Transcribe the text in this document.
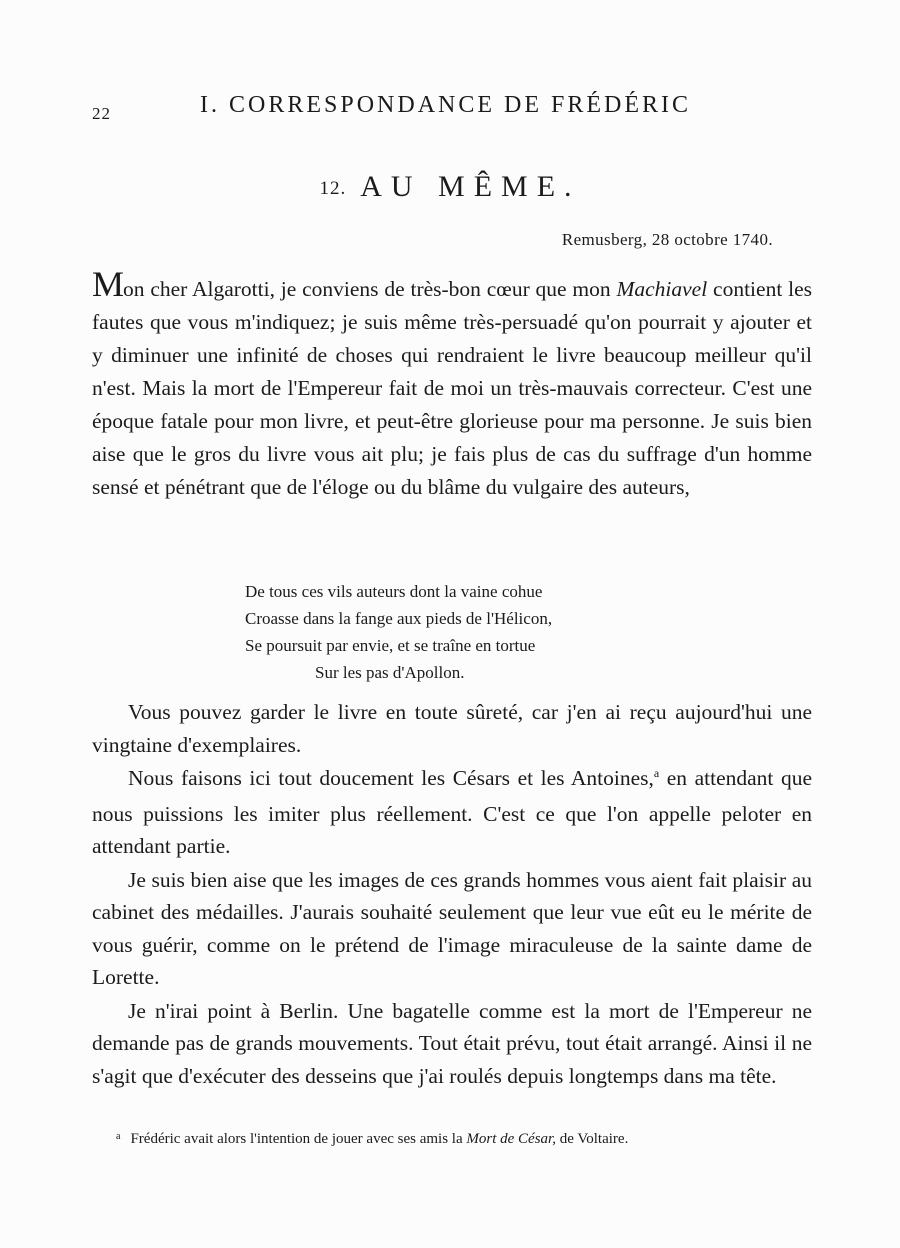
22	I. CORRESPONDANCE DE FRÉDÉRIC
12. AU MÊME.
Remusberg, 28 octobre 1740.

Mon cher Algarotti, je conviens de très-bon cœur que mon Machiavel contient les fautes que vous m'indiquez; je suis même très-persuadé qu'on pourrait y ajouter et y diminuer une infinité de choses qui rendraient le livre beaucoup meilleur qu'il n'est. Mais la mort de l'Empereur fait de moi un très-mauvais correcteur. C'est une époque fatale pour mon livre, et peut-être glorieuse pour ma personne. Je suis bien aise que le gros du livre vous ait plu; je fais plus de cas du suffrage d'un homme sensé et pénétrant que de l'éloge ou du blâme du vulgaire des auteurs,

De tous ces vils auteurs dont la vaine cohue
Croasse dans la fange aux pieds de l'Hélicon,
Se poursuit par envie, et se traîne en tortue
Sur les pas d'Apollon.

Vous pouvez garder le livre en toute sûreté, car j'en ai reçu aujourd'hui une vingtaine d'exemplaires.

Nous faisons ici tout doucement les Césars et les Antoines,$^a$ en attendant que nous puissions les imiter plus réellement. C'est ce que l'on appelle peloter en attendant partie.

Je suis bien aise que les images de ces grands hommes vous aient fait plaisir au cabinet des médailles. J'aurais souhaité seulement que leur vue eût eu le mérite de vous guérir, comme on le prétend de l'image miraculeuse de la sainte dame de Lorette.

Je n'irai point à Berlin. Une bagatelle comme est la mort de l'Empereur ne demande pas de grands mouvements. Tout était prévu, tout était arrangé. Ainsi il ne s'agit que d'exécuter des desseins que j'ai roulés depuis longtemps dans ma tête.

$^a$ Frédéric avait alors l'intention de jouer avec ses amis la Mort de César, de Voltaire.
